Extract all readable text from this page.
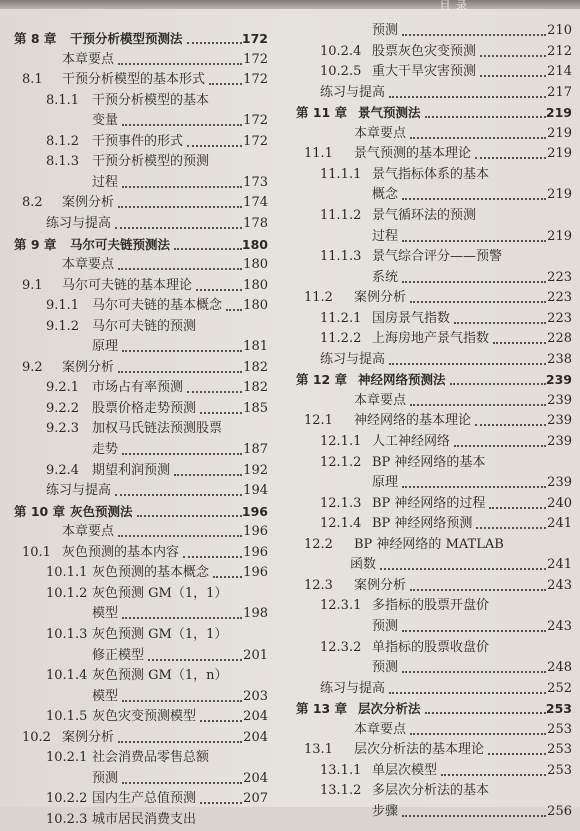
目 录
第 8 章 干预分析模型预测法	172
本章要点	172
8.1 干预分析模型的基本形式	172
8.1.1 干预分析模型的基本
变量	172
8.1.2 干预事件的形式	172
8.1.3 干预分析模型的预测
过程	173
8.2 案例分析	174
练习与提高	178
第 9 章 马尔可夫链预测法	180
本章要点	180
9.1 马尔可夫链的基本理论	180
9.1.1 马尔可夫链的基本概念 180
9.1.2 马尔可夫链的预测
原理	181
9.2 案例分析	182
9.2.1 市场占有率预测	182
9.2.2 股票价格走势预测	185
9.2.3 加权马氏链法预测股票
走势	187
9.2.4 期望利润预测	192
练习与提高	194
第 10 章 灰色预测法	196
本章要点	196
10.1 灰色预测的基本内容	196
10.1.1 灰色预测的基本概念	196
10.1.2 灰色预测 GM（1，1）
模型	198
10.1.3 灰色预测 GM（1，1）
修正模型	201
10.1.4 灰色预测 GM（1，n）
模型	203
10.1.5 灰色灾变预测模型	204
10.2 案例分析	204
10.2.1 社会消费品零售总额
预测	204
10.2.2 国内生产总值预测	207
10.2.3 城市居民消费支出
预测	210
10.2.4 股票灰色灾变预测	212
10.2.5 重大干旱灾害预测	214
练习与提高	217
第 11 章 景气预测法	219
本章要点	219
11.1 景气预测的基本理论	219
11.1.1 景气指标体系的基本
概念	219
11.1.2 景气循环法的预测
过程	219
11.1.3 景气综合评分——预警
系统	223
11.2 案例分析	223
11.2.1 国房景气指数	223
11.2.2 上海房地产景气指数	228
练习与提高	238
第 12 章 神经网络预测法	239
本章要点	239
12.1 神经网络的基本理论	239
12.1.1 人工神经网络	239
12.1.2 BP 神经网络的基本
原理	239
12.1.3 BP 神经网络的过程	240
12.1.4 BP 神经网络预测	241
12.2 BP 神经网络的 MATLAB
函数	241
12.3 案例分析	243
12.3.1 多指标的股票开盘价
预测	243
12.3.2 单指标的股票收盘价
预测	248
练习与提高	252
第 13 章 层次分析法	253
本章要点	253
13.1 层次分析法的基本理论	253
13.1.1 单层次模型	253
13.1.2 多层次分析法的基本
步骤	256
